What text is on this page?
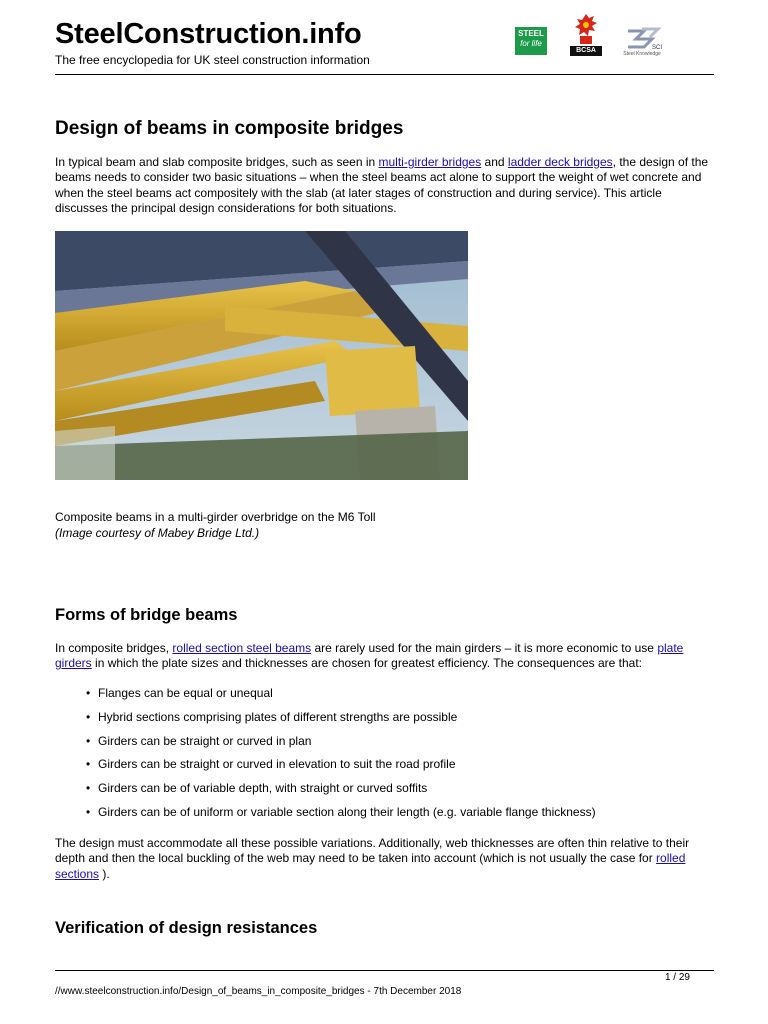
SteelConstruction.info
The free encyclopedia for UK steel construction information
STEEL
for life
BCSA	SCI
Steel Knowledge
Design of beams in composite bridges
In typical beam and slab composite bridges, such as seen in multi-girder bridges and ladder deck bridges, the design of the beams needs to consider two basic situations – when the steel beams act alone to support the weight of wet concrete and when the steel beams act compositely with the slab (at later stages of construction and during service). This article discusses the principal design considerations for both situations.
Composite beams in a multi-girder overbridge on the M6 Toll
(Image courtesy of Mabey Bridge Ltd.)
Forms of bridge beams
In composite bridges, rolled section steel beams are rarely used for the main girders – it is more economic to use plate girders in which the plate sizes and thicknesses are chosen for greatest efficiency. The consequences are that:
• Flanges can be equal or unequal
• Hybrid sections comprising plates of different strengths are possible
• Girders can be straight or curved in plan
• Girders can be straight or curved in elevation to suit the road profile
• Girders can be of variable depth, with straight or curved soffits
• Girders can be of uniform or variable section along their length (e.g. variable flange thickness)
The design must accommodate all these possible variations. Additionally, web thicknesses are often thin relative to their depth and then the local buckling of the web may need to be taken into account (which is not usually the case for rolled sections ).
Verification of design resistances
1 / 29
//www.steelconstruction.info/Design_of_beams_in_composite_bridges - 7th December 2018
